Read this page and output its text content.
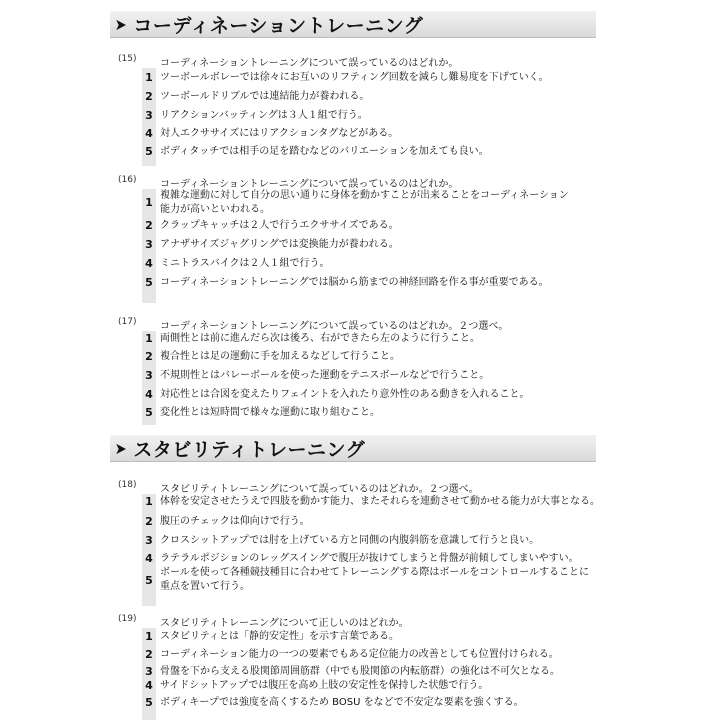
➤ コーディネーショントレーニング
(15) コーディネーショントレーニングについて誤っているのはどれか。
1 ツーボールボレーでは徐々にお互いのリフティング回数を減らし難易度を下げていく。
2 ツーボールドリブルでは連結能力が養われる。
3 リアクションバッティングは３人１組で行う。
4 対人エクササイズにはリアクションタグなどがある。
5 ボディタッチでは相手の足を踏むなどのバリエーションを加えても良い。
(16) コーディネーショントレーニングについて誤っているのはどれか。
1
複雑な運動に対して自分の思い通りに身体を動かすことが出来ることをコーディネーション
能力が高いといわれる。
2 クラップキャッチは２人で行うエクササイズである。
3 アナザサイズジャグリングでは変換能力が養われる。
4 ミニトラスバイクは２人１組で行う。
5 コーディネーショントレーニングでは脳から筋までの神経回路を作る事が重要である。
(17) コーディネーショントレーニングについて誤っているのはどれか。２つ選べ。
1 両側性とは前に進んだら次は後ろ、右ができたら左のように行うこと。
2 複合性とは足の運動に手を加えるなどして行うこと。
3 不規則性とはバレーボールを使った運動をテニスボールなどで行うこと。
4 対応性とは合図を変えたりフェイントを入れたり意外性のある動きを入れること。
5 変化性とは短時間で様々な運動に取り組むこと。
➤ スタビリティトレーニング
(18) スタビリティトレーニングについて誤っているのはどれか。２つ選べ。
1 体幹を安定させたうえで四肢を動かす能力、またそれらを連動させて動かせる能力が大事となる。
2 腹圧のチェックは仰向けで行う。
3 クロスシットアップでは肘を上げている方と同側の内腹斜筋を意識して行うと良い。
4 ラテラルポジションのレッグスイングで腹圧が抜けてしまうと骨盤が前傾してしまいやすい。
5
ボールを使って各種競技種目に合わせてトレーニングする際はボールをコントロールすることに
重点を置いて行う。
(19) スタビリティトレーニングについて正しいのはどれか。
1 スタビリティとは「静的安定性」を示す言葉である。
2 コーディネーション能力の一つの要素でもある定位能力の改善としても位置付けられる。
3 骨盤を下から支える股関節周囲筋群（中でも股関節の内転筋群）の強化は不可欠となる。
4 サイドシットアップでは腹圧を高め上肢の安定性を保持した状態で行う。
5 ボディキープでは強度を高くするため BOSU をなどで不安定な要素を強くする。
